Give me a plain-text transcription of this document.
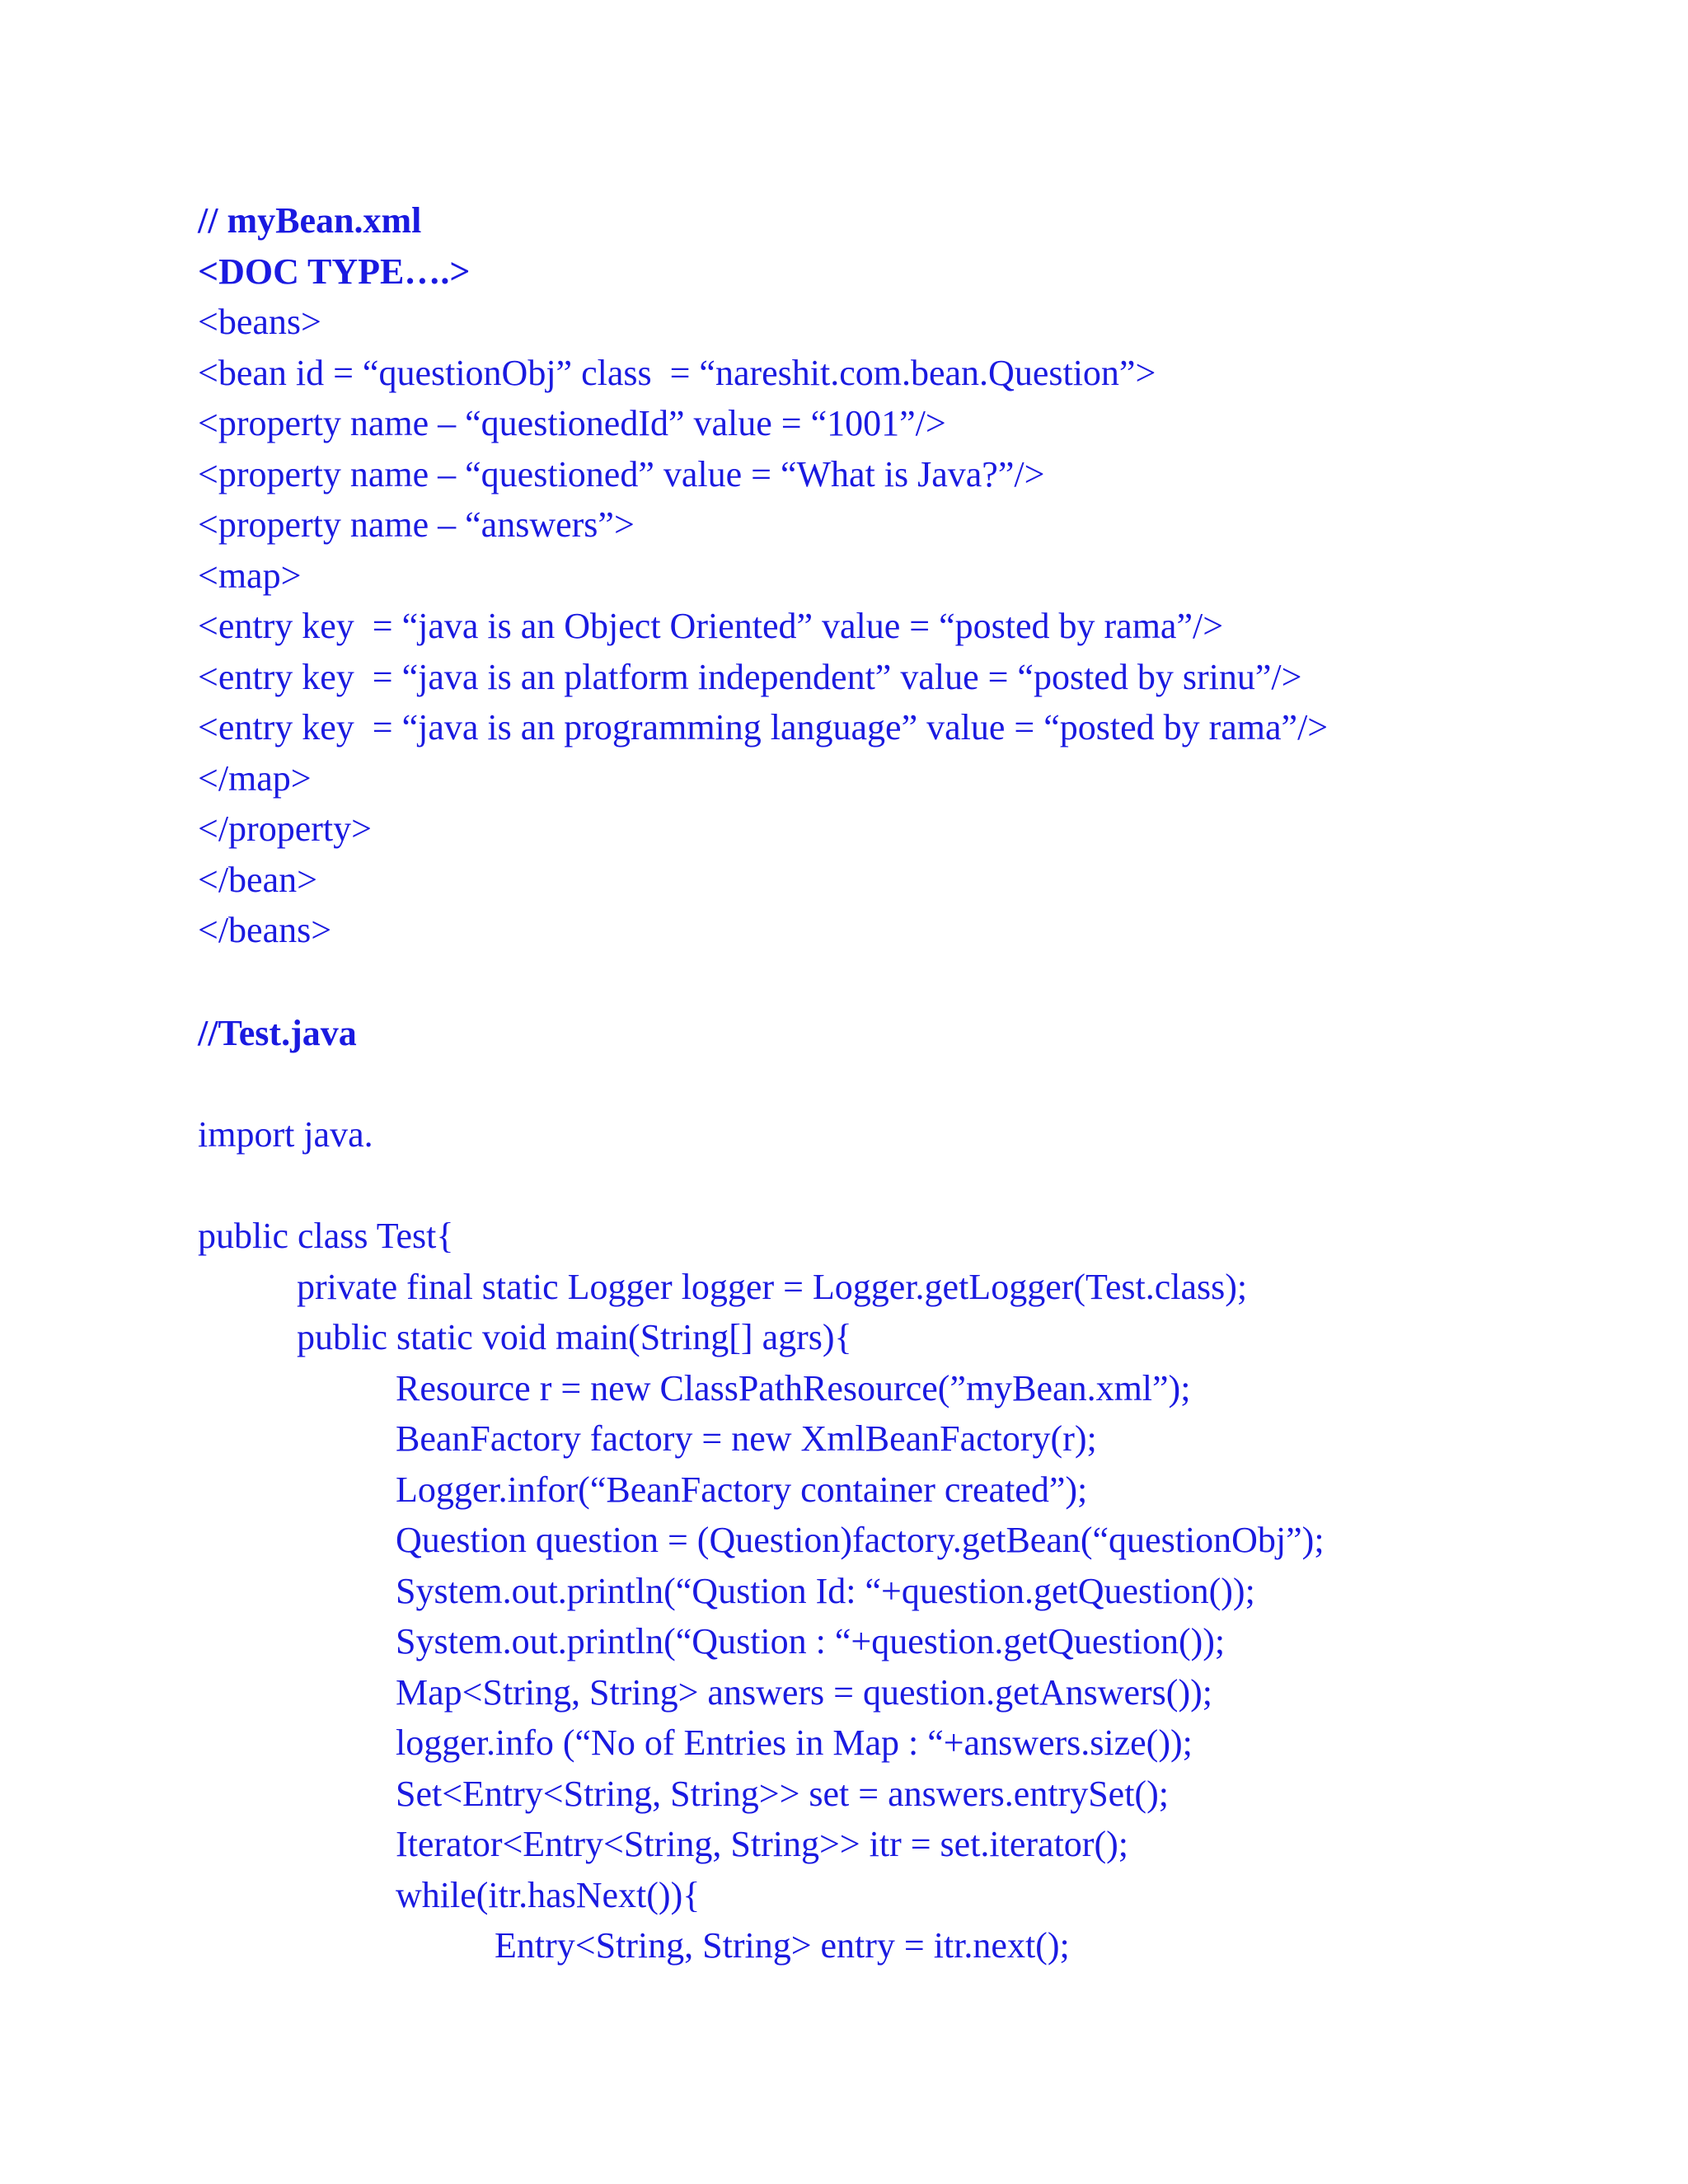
// myBean.xml
<DOC TYPE….>
<beans>
<bean id = “questionObj” class  = “nareshit.com.bean.Question”>
<property name – “questionedId” value = “1001”/>
<property name – “questioned” value = “What is Java?”/>
<property name – “answers”>
<map>
<entry key  = “java is an Object Oriented” value = “posted by rama”/>
<entry key  = “java is an platform independent” value = “posted by srinu”/>
<entry key  = “java is an programming language” value = “posted by rama”/>
</map>
</property>
</bean>
</beans>
//Test.java
import java.
public class Test{
private final static Logger logger = Logger.getLogger(Test.class);
public static void main(String[] agrs){
Resource r = new ClassPathResource(”myBean.xml”);
BeanFactory factory = new XmlBeanFactory(r);
Logger.infor(“BeanFactory container created”);
Question question = (Question)factory.getBean(“questionObj”);
System.out.println(“Qustion Id: “+question.getQuestion());
System.out.println(“Qustion : “+question.getQuestion());
Map<String, String> answers = question.getAnswers());
logger.info (“No of Entries in Map : “+answers.size());
Set<Entry<String, String>> set = answers.entrySet();
Iterator<Entry<String, String>> itr = set.iterator();
while(itr.hasNext()){
Entry<String, String> entry = itr.next();
